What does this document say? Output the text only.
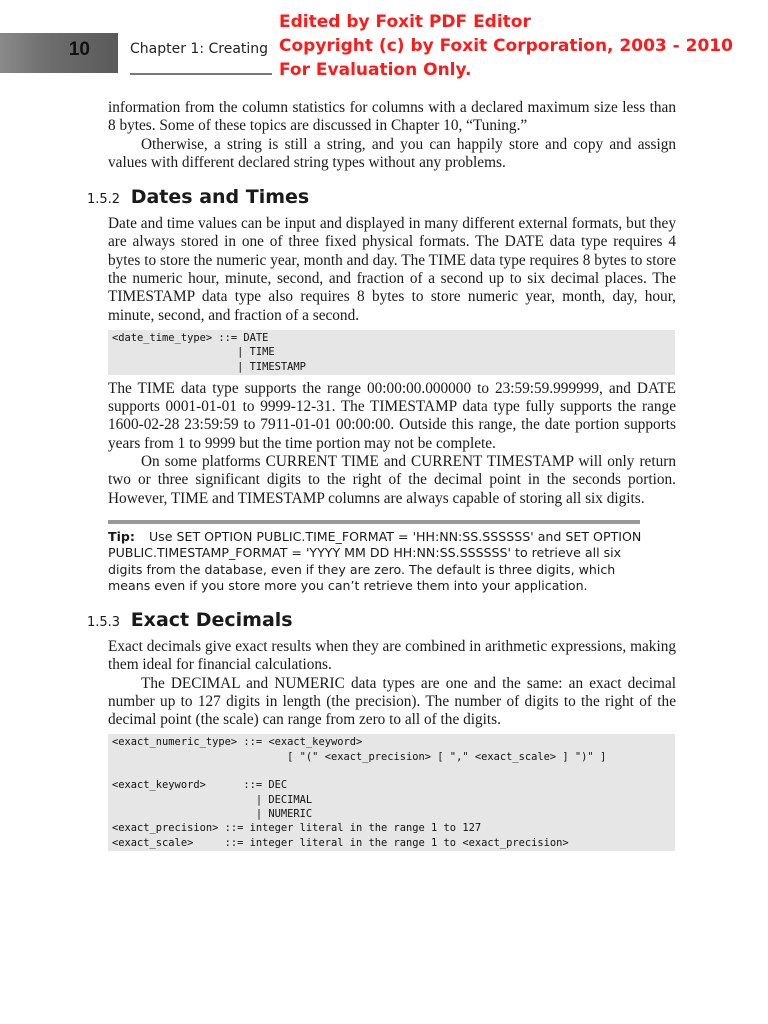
10	Chapter 1: Creating
Edited by Foxit PDF Editor
Copyright (c) by Foxit Corporation, 2003 - 2010
For Evaluation Only.

information from the column statistics for columns with a declared maximum size less than 8 bytes. Some of these topics are discussed in Chapter 10, “Tuning.”

Otherwise, a string is still a string, and you can happily store and copy and assign values with different declared string types without any problems.

1.5.2 Dates and Times

Date and time values can be input and displayed in many different external formats, but they are always stored in one of three fixed physical formats. The DATE data type requires 4 bytes to store the numeric year, month and day. The TIME data type requires 8 bytes to store the numeric hour, minute, second, and fraction of a second up to six decimal places. The TIMESTAMP data type also requires 8 bytes to store numeric year, month, day, hour, minute, second, and fraction of a second.

<date_time_type> ::= DATE
| TIME
| TIMESTAMP

The TIME data type supports the range 00:00:00.000000 to 23:59:59.999999, and DATE supports 0001-01-01 to 9999-12-31. The TIMESTAMP data type fully supports the range 1600-02-28 23:59:59 to 7911-01-01 00:00:00. Outside this range, the date portion supports years from 1 to 9999 but the time portion may not be complete.

On some platforms CURRENT TIME and CURRENT TIMESTAMP will only return two or three significant digits to the right of the decimal point in the seconds portion. However, TIME and TIMESTAMP columns are always capable of storing all six digits.

Tip: Use SET OPTION PUBLIC.TIME_FORMAT = 'HH:NN:SS.SSSSSS' and SET OPTION PUBLIC.TIMESTAMP_FORMAT = 'YYYY MM DD HH:NN:SS.SSSSSS' to retrieve all six digits from the database, even if they are zero. The default is three digits, which means even if you store more you can’t retrieve them into your application.
1.5.3 Exact Decimals

Exact decimals give exact results when they are combined in arithmetic expressions, making them ideal for financial calculations.

The DECIMAL and NUMERIC data types are one and the same: an exact decimal number up to 127 digits in length (the precision). The number of digits to the right of the decimal point (the scale) can range from zero to all of the digits.

<exact_numeric_type> ::= <exact_keyword>
[ "(" <exact_precision> [ "," <exact_scale> ] ")" ]

<exact_keyword>      ::= DEC
| DECIMAL
| NUMERIC
<exact_precision> ::= integer literal in the range 1 to 127
<exact_scale>     ::= integer literal in the range 1 to <exact_precision>
